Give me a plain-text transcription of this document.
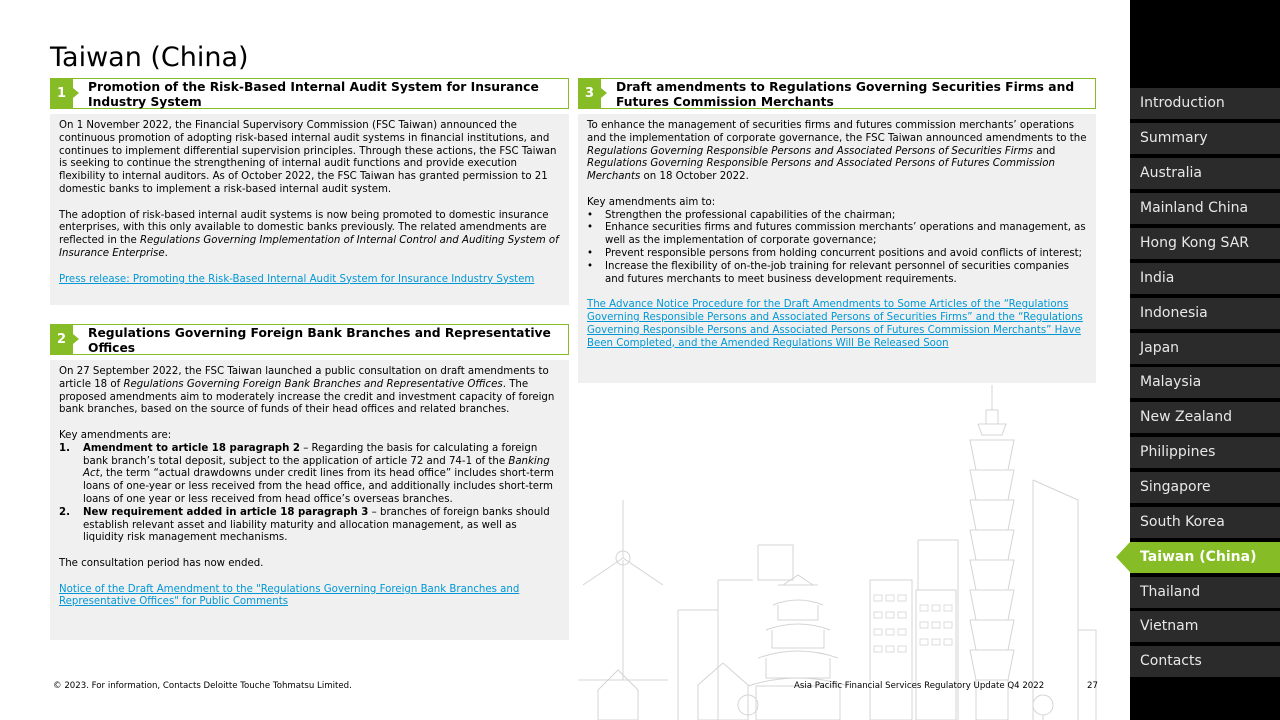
Taiwan (China)
1	Promotion of the Risk-Based Internal Audit System for Insurance Industry System

On 1 November 2022, the Financial Supervisory Commission (FSC Taiwan) announced the continuous promotion of adopting risk-based internal audit systems in financial institutions, and continues to implement differential supervision principles. Through these actions, the FSC Taiwan is seeking to continue the strengthening of internal audit functions and provide execution flexibility to internal auditors. As of October 2022, the FSC Taiwan has granted permission to 21 domestic banks to implement a risk-based internal audit system.

The adoption of risk-based internal audit systems is now being promoted to domestic insurance enterprises, with this only available to domestic banks previously. The related amendments are reflected in the Regulations Governing Implementation of Internal Control and Auditing System of Insurance Enterprise.

Press release: Promoting the Risk-Based Internal Audit System for Insurance Industry System

2	Regulations Governing Foreign Bank Branches and Representative Offices

On 27 September 2022, the FSC Taiwan launched a public consultation on draft amendments to article 18 of Regulations Governing Foreign Bank Branches and Representative Offices. The proposed amendments aim to moderately increase the credit and investment capacity of foreign bank branches, based on the source of funds of their head offices and related branches.

Key amendments are:
1. Amendment to article 18 paragraph 2 – Regarding the basis for calculating a foreign bank branch’s total deposit, subject to the application of article 72 and 74-1 of the Banking Act, the term “actual drawdowns under credit lines from its head office” includes short-term loans of one-year or less received from the head office, and additionally includes short-term loans of one year or less received from head office’s overseas branches.
2. New requirement added in article 18 paragraph 3 – branches of foreign banks should establish relevant asset and liability maturity and allocation management, as well as liquidity risk management mechanisms.

The consultation period has now ended.

Notice of the Draft Amendment to the "Regulations Governing Foreign Bank Branches and Representative Offices" for Public Comments

3	Draft amendments to Regulations Governing Securities Firms and Futures Commission Merchants

To enhance the management of securities firms and futures commission merchants’ operations and the implementation of corporate governance, the FSC Taiwan announced amendments to the Regulations Governing Responsible Persons and Associated Persons of Securities Firms and Regulations Governing Responsible Persons and Associated Persons of Futures Commission Merchants on 18 October 2022.

Key amendments aim to:
• Strengthen the professional capabilities of the chairman;
• Enhance securities firms and futures commission merchants’ operations and management, as well as the implementation of corporate governance;
• Prevent responsible persons from holding concurrent positions and avoid conflicts of interest;
• Increase the flexibility of on-the-job training for relevant personnel of securities companies and futures merchants to meet business development requirements.

The Advance Notice Procedure for the Draft Amendments to Some Articles of the “Regulations Governing Responsible Persons and Associated Persons of Securities Firms” and the “Regulations Governing Responsible Persons and Associated Persons of Futures Commission Merchants” Have Been Completed, and the Amended Regulations Will Be Released Soon

Introduction
Summary
Australia
Mainland China
Hong Kong SAR
India
Indonesia
Japan
Malaysia
New Zealand
Philippines
Singapore
South Korea
Taiwan (China)
Thailand
Vietnam
Contacts
© 2023. For information, Contacts Deloitte Touche Tohmatsu Limited.	Asia Pacific Financial Services Regulatory Update Q4 2022	27
